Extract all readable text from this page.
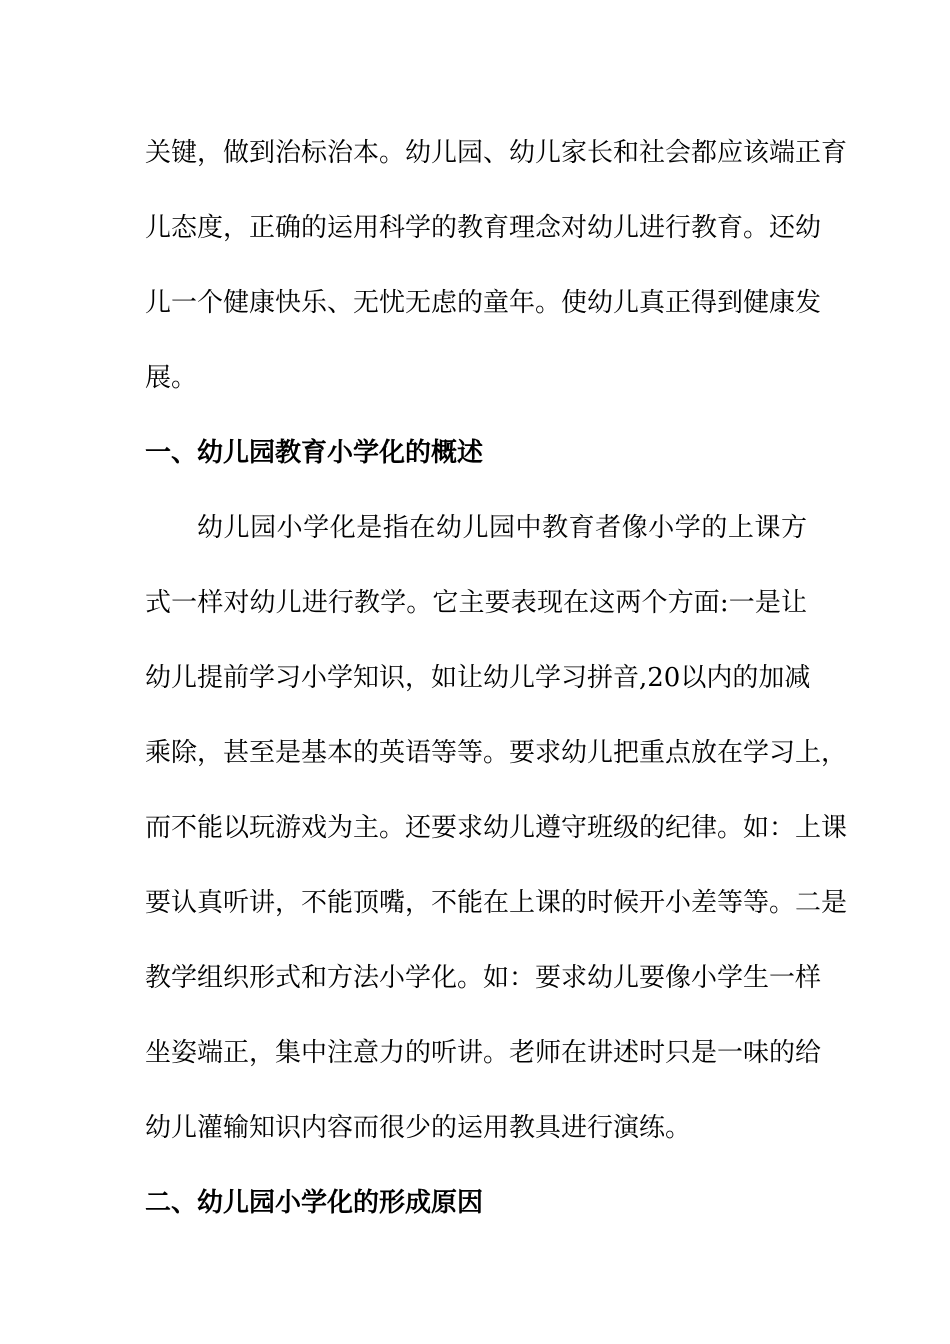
关键，做到治标治本。幼儿园、幼儿家长和社会都应该端正育
儿态度，正确的运用科学的教育理念对幼儿进行教育。还幼
儿一个健康快乐、无忧无虑的童年。使幼儿真正得到健康发
展。
一、幼儿园教育小学化的概述
幼儿园小学化是指在幼儿园中教育者像小学的上课方
式一样对幼儿进行教学。它主要表现在这两个方面:一是让
幼儿提前学习小学知识，如让幼儿学习拼音,20以内的加减
乘除，甚至是基本的英语等等。要求幼儿把重点放在学习上，
而不能以玩游戏为主。还要求幼儿遵守班级的纪律。如：上课
要认真听讲，不能顶嘴，不能在上课的时候开小差等等。二是
教学组织形式和方法小学化。如：要求幼儿要像小学生一样
坐姿端正，集中注意力的听讲。老师在讲述时只是一味的给
幼儿灌输知识内容而很少的运用教具进行演练。
二、幼儿园小学化的形成原因
